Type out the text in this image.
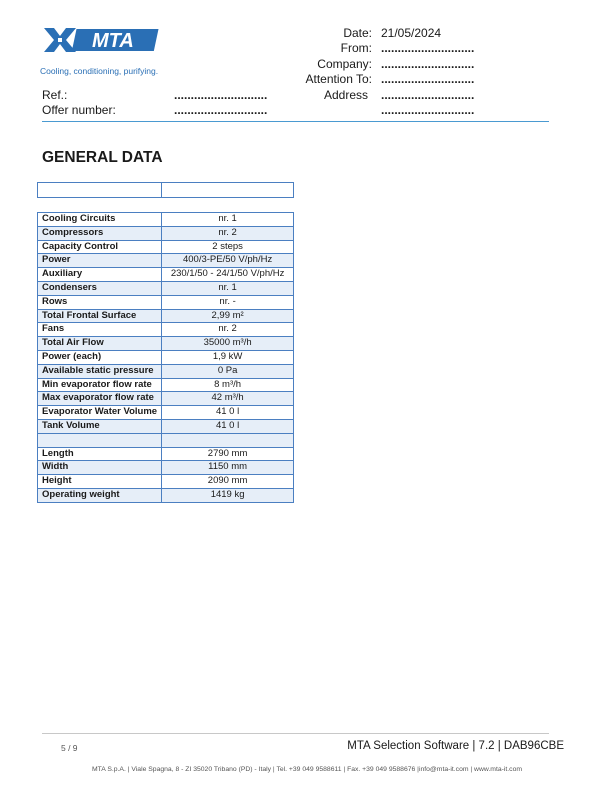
MTA
Cooling, conditioning, purifying.
Date: 21/05/2024
From: ............................
Company: ............................
Attention To: ............................
Ref.:	............................	Address ............................
Offer number:	............................	............................
GENERAL DATA

Cooling Circuits	nr. 1
Compressors	nr. 2
Capacity Control	2 steps
Power	400/3-PE/50 V/ph/Hz
Auxiliary	230/1/50 - 24/1/50 V/ph/Hz
Condensers	nr. 1
Rows	nr. -
Total Frontal Surface	2,99 m²
Fans	nr. 2
Total Air Flow	35000 m³/h
Power (each)	1,9 kW
Available static pressure	0 Pa
Min evaporator flow rate	8 m³/h
Max evaporator flow rate	42 m³/h
Evaporator Water Volume	41 0 l
Tank Volume	41 0 l

Length	2790 mm
Width	1150 mm
Height	2090 mm
Operating weight	1419 kg
5 / 9	MTA Selection Software | 7.2 | DAB96CBE
MTA S.p.A. | Viale Spagna, 8 - ZI 35020 Tribano (PD) - Italy | Tel. +39 049 9588611 | Fax. +39 049 9588676 |info@mta-it.com | www.mta-it.com
